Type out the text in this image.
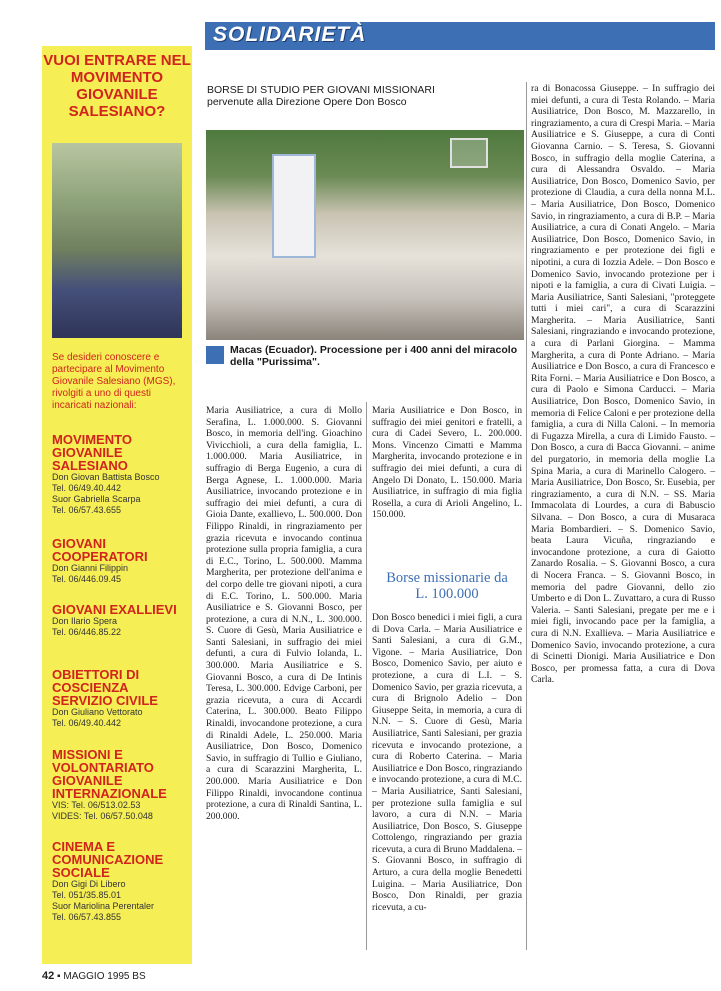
SOLIDARIETÀ
VUOI ENTRARE NEL MOVIMENTO GIOVANILE SALESIANO?
Se desideri conoscere e partecipare al Movimento Giovanile Salesiano (MGS), rivolgiti a uno di questi incaricati nazionali:
MOVIMENTO GIOVANILE SALESIANO
Don Giovan Battista Bosco
Tel. 06/49.40.442
Suor Gabriella Scarpa
Tel. 06/57.43.655
GIOVANI COOPERATORI
Don Gianni Filippin
Tel. 06/446.09.45
GIOVANI EXALLIEVI
Don Ilario Spera
Tel. 06/446.85.22
OBIETTORI DI COSCIENZA SERVIZIO CIVILE
Don Giuliano Vettorato
Tel. 06/49.40.442
MISSIONI E VOLONTARIATO GIOVANILE INTERNAZIONALE
VIS: Tel. 06/513.02.53
VIDES: Tel. 06/57.50.048
CINEMA E COMUNICAZIONE SOCIALE
Don Gigi Di Libero
Tel. 051/35.85.01
Suor Mariolina Perentaler
Tel. 06/57.43.855
BORSE DI STUDIO PER GIOVANI MISSIONARI
pervenute alla Direzione Opere Don Bosco
Macas (Ecuador). Processione per i 400 anni del miracolo della "Purissima".
Maria Ausiliatrice, a cura di Mollo Serafina, L. 1.000.000. S. Giovanni Bosco, in memoria dell'ing. Gioachino Vivicchioli, a cura della famiglia, L. 1.000.000. Maria Ausiliatrice, in suffragio di Berga Eugenio, a cura di Berga Agnese, L. 1.000.000. Maria Ausiliatrice, invocando protezione e in suffragio dei miei defunti, a cura di Gioia Dante, exallievo, L. 500.000. Don Filippo Rinaldi, in ringraziamento per grazia ricevuta e invocando continua protezione sulla propria famiglia, a cura di E.C., Torino, L. 500.000. Mamma Margherita, per protezione dell'anima e del corpo delle tre giovani nipoti, a cura di E.C. Torino, L. 500.000. Maria Ausiliatrice e S. Giovanni Bosco, per protezione, a cura di N.N., L. 300.000. S. Cuore di Gesù, Maria Ausiliatrice e Santi Salesiani, in suffragio dei miei defunti, a cura di Fulvio Iolanda, L. 300.000. Maria Ausiliatrice e S. Giovanni Bosco, a cura di De Intinis Teresa, L. 300.000. Edvige Carboni, per grazia ricevuta, a cura di Accardi Caterina, L. 300.000. Beato Filippo Rinaldi, invocandone protezione, a cura di Rinaldi Adele, L. 250.000. Maria Ausiliatrice, Don Bosco, Domenico Savio, in suffragio di Tullio e Giuliano, a cura di Scarazzini Margherita, L. 200.000. Maria Ausiliatrice e Don Filippo Rinaldi, invocandone continua protezione, a cura di Rinaldi Santina, L. 200.000.
Maria Ausiliatrice e Don Bosco, in suffragio dei miei genitori e fratelli, a cura di Cadei Severo, L. 200.000. Mons. Vincenzo Cimatti e Mamma Margherita, invocando protezione e in suffragio dei miei defunti, a cura di Angelo Di Donato, L. 150.000. Maria Ausiliatrice, in suffragio di mia figlia Rosella, a cura di Arioli Angelino, L. 150.000.
Borse missionarie da
L. 100.000
Don Bosco benedici i miei figli, a cura di Dova Carla. – Maria Ausiliatrice e Santi Salesiani, a cura di G.M., Vigone. – Maria Ausiliatrice, Don Bosco, Domenico Savio, per aiuto e protezione, a cura di L.I. – S. Domenico Savio, per grazia ricevuta, a cura di Brignolo Adelio – Don Giuseppe Seita, in memoria, a cura di N.N. – S. Cuore di Gesù, Maria Ausiliatrice, Santi Salesiani, per grazia ricevuta e invocando protezione, a cura di Roberto Caterina. – Maria Ausiliatrice e Don Bosco, ringraziando e invocando protezione, a cura di M.C. – Maria Ausiliatrice, Santi Salesiani, per protezione sulla famiglia e sul lavoro, a cura di N.N. – Maria Ausiliatrice, Don Bosco, S. Giuseppe Cottolengo, ringraziando per grazia ricevuta, a cura di Bruno Maddalena. – S. Giovanni Bosco, in suffragio di Arturo, a cura della moglie Benedetti Luigina. – Maria Ausiliatrice, Don Bosco, Don Rinaldi, per grazia ricevuta, a cu-
ra di Bonacossa Giuseppe. – In suffragio dei miei defunti, a cura di Testa Rolando. – Maria Ausiliatrice, Don Bosco, M. Mazzarello, in ringraziamento, a cura di Crespi Maria. – Maria Ausiliatrice e S. Giuseppe, a cura di Conti Giovanna Carnio. – S. Teresa, S. Giovanni Bosco, in suffragio della moglie Caterina, a cura di Alessandra Osvaldo. – Maria Ausiliatrice, Don Bosco, Domenico Savio, per protezione di Claudia, a cura della nonna M.L. – Maria Ausiliatrice, Don Bosco, Domenico Savio, in ringraziamento, a cura di B.P. – Maria Ausiliatrice, a cura di Conati Angelo. – Maria Ausiliatrice, Don Bosco, Domenico Savio, in ringraziamento e per protezione dei figli e nipotini, a cura di Iozzia Adele. – Don Bosco e Domenico Savio, invocando protezione per i nipoti e la famiglia, a cura di Civati Luigia. – Maria Ausiliatrice, Santi Salesiani, "proteggete tutti i miei cari", a cura di Scarazzini Margherita. – Maria Ausiliatrice, Santi Salesiani, ringraziando e invocando protezione, a cura di Parlani Giorgina. – Mamma Margherita, a cura di Ponte Adriano. – Maria Ausiliatrice e Don Bosco, a cura di Francesco e Rita Forni. – Maria Ausiliatrice e Don Bosco, a cura di Paolo e Simona Carducci. – Maria Ausiliatrice, Don Bosco, Domenico Savio, in memoria di Felice Caloni e per protezione della famiglia, a cura di Nilla Caloni. – In memoria di Fugazza Mirella, a cura di Limido Fausto. – Don Bosco, a cura di Bacca Giovanni. – anime del purgatorio, in memoria della moglie La Spina Maria, a cura di Marinello Calogero. – Maria Ausiliatrice, Don Bosco, Sr. Eusebia, per ringraziamento, a cura di N.N. – SS. Maria Immacolata di Lourdes, a cura di Babuscio Silvana. – Don Bosco, a cura di Musaraca Maria Bombardieri. – S. Domenico Savio, beata Laura Vicuña, ringraziando e invocandone protezione, a cura di Gaiotto Zanardo Rosalia. – S. Giovanni Bosco, a cura di Nocera Franca. – S. Giovanni Bosco, in memoria del padre Giovanni, dello zio Umberto e di Don L. Zuvattaro, a cura di Russo Valeria. – Santi Salesiani, pregate per me e i miei figli, invocando pace per la famiglia, a cura di N.N. Exallieva. – Maria Ausiliatrice e Domenico Savio, invocando protezione, a cura di Scinetti Dionigi. Maria Ausiliatrice e Don Bosco, per promessa fatta, a cura di Dova Carla.
42 ▪ MAGGIO 1995 BS
